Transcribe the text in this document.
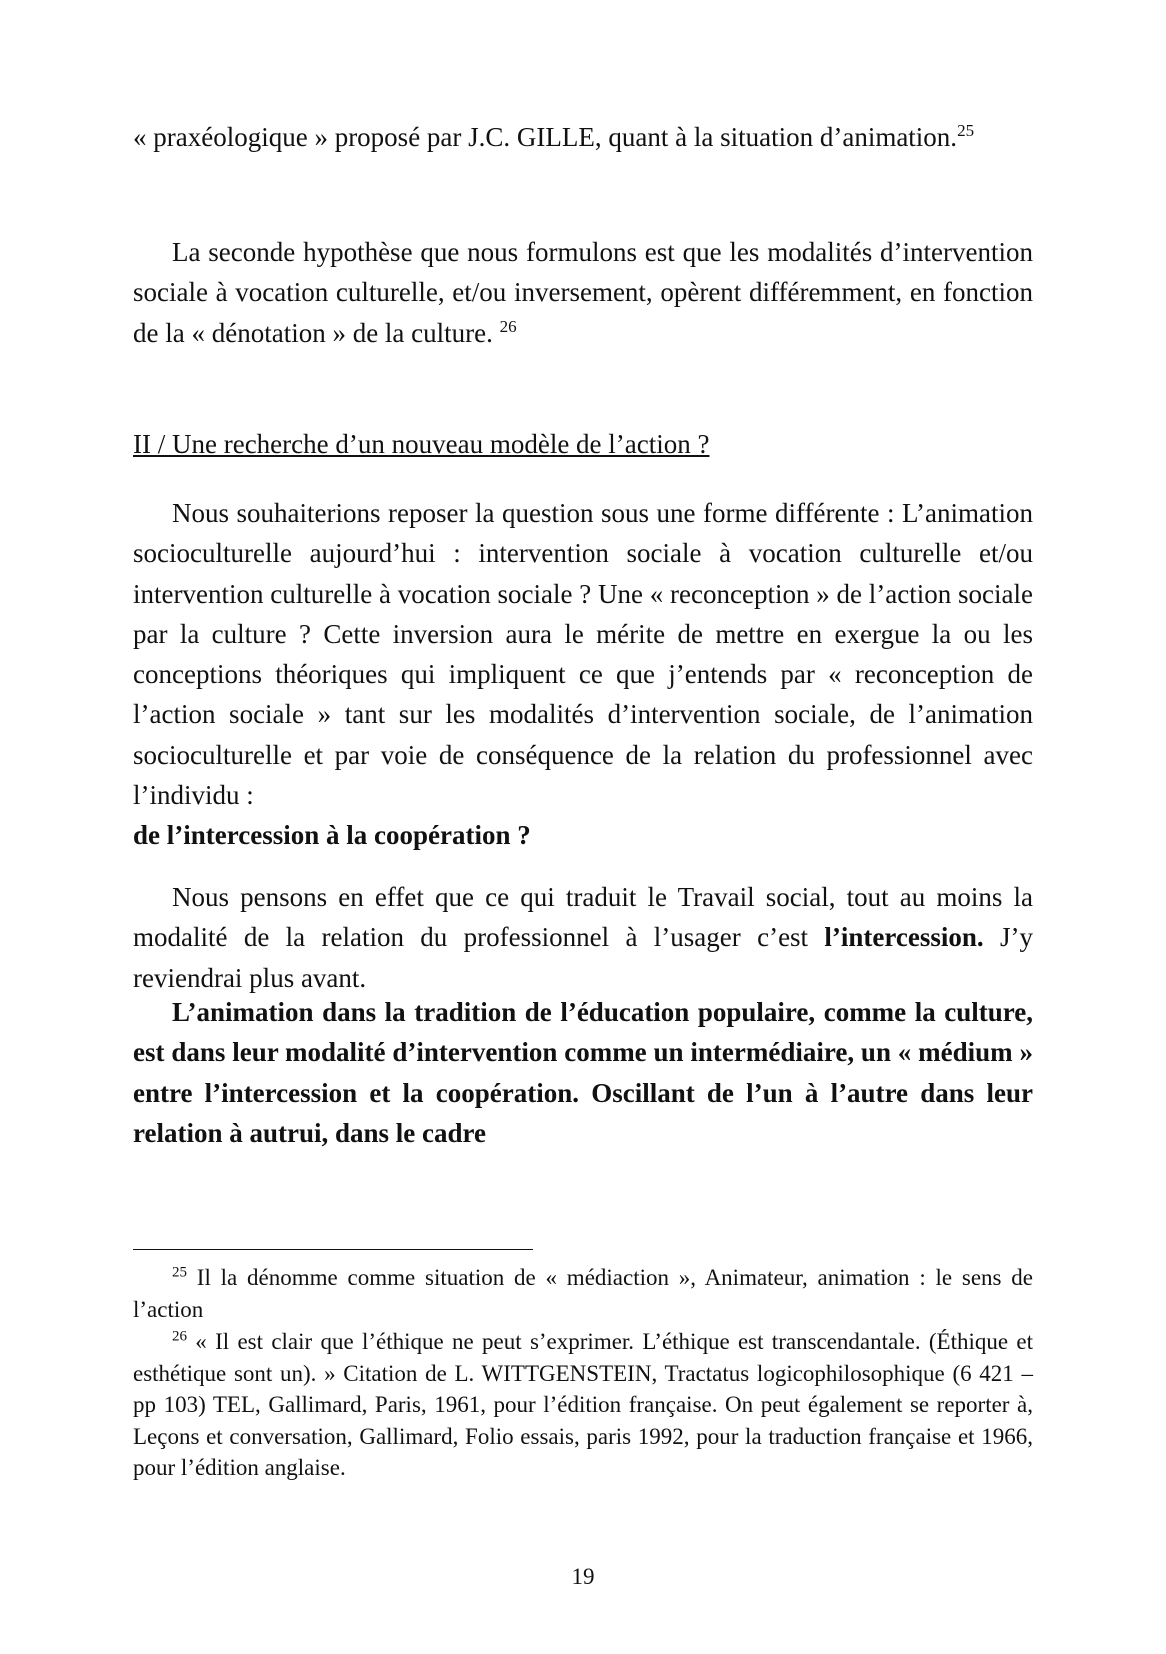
« praxéologique » proposé par J.C. GILLE, quant à la situation d’animation.$^{25}$

La seconde hypothèse que nous formulons est que les modalités d’intervention sociale à vocation culturelle, et/ou inversement, opèrent différemment, en fonction de la « dénotation » de la culture. $^{26}$

II / Une recherche d’un nouveau modèle de l’action ?

Nous souhaiterions reposer la question sous une forme différente : L’animation socioculturelle aujourd’hui : intervention sociale à vocation culturelle et/ou intervention culturelle à vocation sociale ? Une « reconception » de l’action sociale par la culture ? Cette inversion aura le mérite de mettre en exergue la ou les conceptions théoriques qui impliquent ce que j’entends par « reconception de l’action sociale » tant sur les modalités d’intervention sociale, de l’animation socioculturelle et par voie de conséquence de la relation du professionnel avec l’individu :
de l’intercession à la coopération ?

Nous pensons en effet que ce qui traduit le Travail social, tout au moins la modalité de la relation du professionnel à l’usager c’est l’intercession. J’y reviendrai plus avant.

L’animation dans la tradition de l’éducation populaire, comme la culture, est dans leur modalité d’intervention comme un intermédiaire, un « médium » entre l’intercession et la coopération. Oscillant de l’un à l’autre dans leur relation à autrui, dans le cadre

$^{25}$ Il la dénomme comme situation de « médiaction », Animateur, animation : le sens de l’action

$^{26}$ « Il est clair que l’éthique ne peut s’exprimer. L’éthique est transcendantale. (Éthique et esthétique sont un). » Citation de L. WITTGENSTEIN, Tractatus logicophilosophique (6 421 – pp 103) TEL, Gallimard, Paris, 1961, pour l’édition française. On peut également se reporter à, Leçons et conversation, Gallimard, Folio essais, paris 1992, pour la traduction française et 1966, pour l’édition anglaise.

19
